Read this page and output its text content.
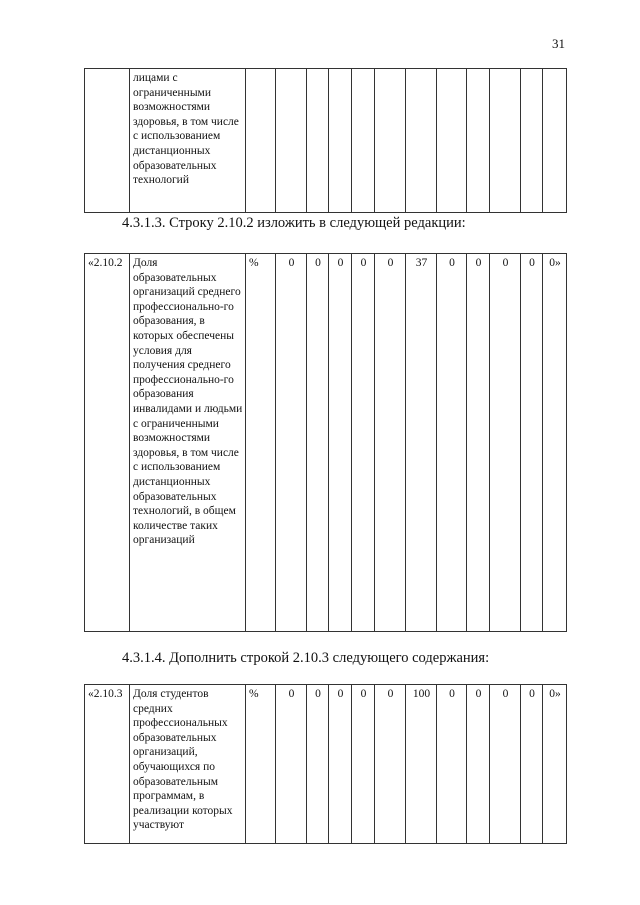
31
	лицами с ограниченными возможностями здоровья, в том числе с использованием дистанционных образовательных технологий												
4.3.1.3. Строку 2.10.2 изложить в следующей редакции:
«2.10.2	Доля образовательных организаций среднего профессионально-го образования, в которых обеспечены условия для получения среднего профессионально-го образования инвалидами и людьми с ограниченными возможностями здоровья, в том числе с использованием дистанционных образовательных технологий, в общем количестве таких организаций	%	0	0	0	0	0	37	0	0	0	0	0»
4.3.1.4. Дополнить строкой 2.10.3 следующего содержания:
«2.10.3	Доля студентов средних профессиональных образовательных организаций, обучающихся по образовательным программам, в реализации которых участвуют	%	0	0	0	0	0	100	0	0	0	0	0»
